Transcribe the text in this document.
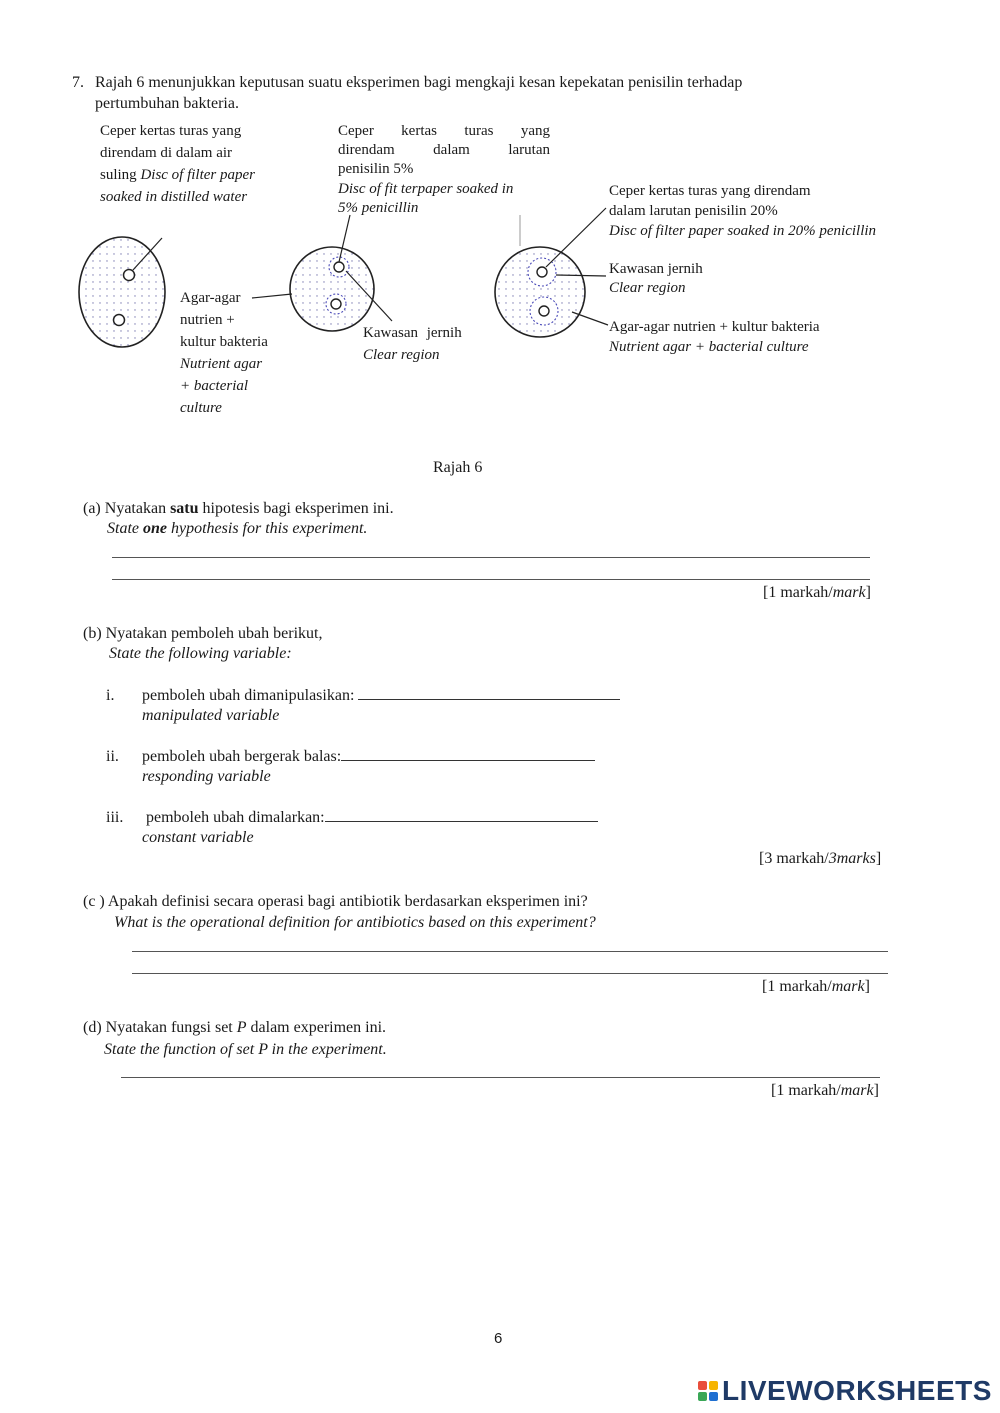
7. Rajah 6 menunjukkan keputusan suatu eksperimen bagi mengkaji kesan kepekatan penisilin terhadap
pertumbuhan bakteria.
Ceper kertas turas yang
direndam di dalam air
suling Disc of filter paper
soaked in distilled water
Ceper kertas turas yang
direndam dalam larutan
penisilin 5%
Disc of fit terpaper soaked in
5% penicillin
Ceper kertas turas yang direndam
dalam larutan penisilin 20%
Disc of filter paper soaked in 20% penicillin
Agar-agar
nutrien +
kultur bakteria
Nutrient agar
+ bacterial
culture
Kawasan jernih
Clear region
Kawasan jernih
Clear region
Agar-agar nutrien + kultur bakteria
Nutrient agar + bacterial culture
Rajah 6
(a) Nyatakan satu hipotesis bagi eksperimen ini.
State one hypothesis for this experiment.
[1 markah/mark]
(b) Nyatakan pemboleh ubah berikut,
State the following variable:
i. pemboleh ubah dimanipulasikan:
manipulated variable
ii. pemboleh ubah bergerak balas:
responding variable
iii. pemboleh ubah dimalarkan:
constant variable
[3 markah/3marks]
(c ) Apakah definisi secara operasi bagi antibiotik berdasarkan eksperimen ini?
What is the operational definition for antibiotics based on this experiment?
[1 markah/mark]
(d) Nyatakan fungsi set P dalam experimen ini.
State the function of set P in the experiment.
[1 markah/mark]
6
LIVEWORKSHEETS
